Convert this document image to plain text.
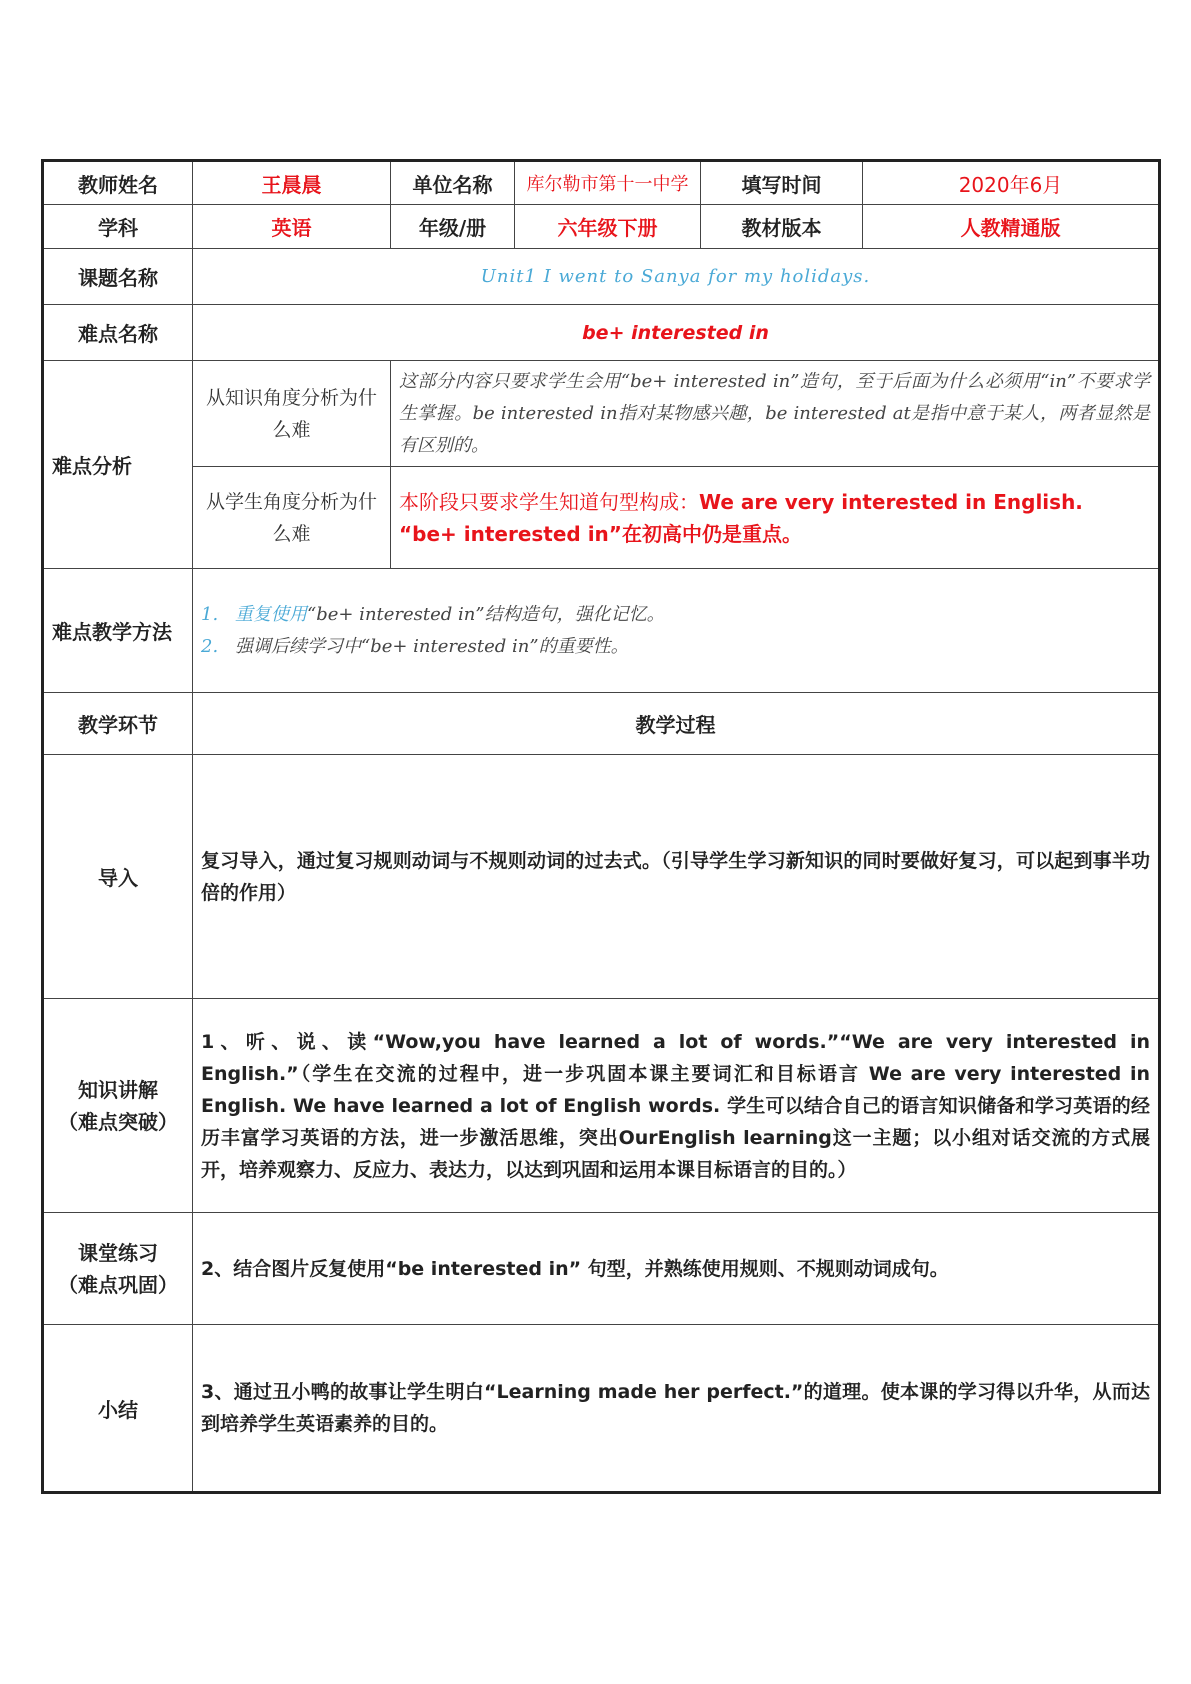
教师姓名	王晨晨	单位名称	库尔勒市第十一中学	填写时间	2020年6月
学科	英语	年级/册	六年级下册	教材版本	人教精通版
课题名称	Unit1 I went to Sanya for my holidays.				
难点名称	be+ interested in				
难点分析	从知识角度分析为什么难	这部分内容只要求学生会用“be+ interested in”造句，至于后面为什么必须用“in”不要求学生掌握。be interested in指对某物感兴趣，be interested at是指中意于某人，两者显然是有区别的。			
	从学生角度分析为什么难	本阶段只要求学生知道句型构成：We are very interested in English.
“be+ interested in”在初高中仍是重点。			
难点教学方法	1. 重复使用“be+ interested in”结构造句，强化记忆。
2. 强调后续学习中“be+ interested in”的重要性。				

教学环节	教学过程				
导入	复习导入，通过复习规则动词与不规则动词的过去式。（引导学生学习新知识的同时要做好复习，可以起到事半功倍的作用）				
知识讲解
（难点突破）	1、听、说、读“Wow,you have learned a lot of words.”“We are very interested in English.”（学生在交流的过程中，进一步巩固本课主要词汇和目标语言 We are very interested in English. We have learned a lot of English words. 学生可以结合自己的语言知识储备和学习英语的经历丰富学习英语的方法，进一步激活思维，突出OurEnglish learning这一主题；以小组对话交流的方式展开，培养观察力、反应力、表达力，以达到巩固和运用本课目标语言的目的。）				
课堂练习
（难点巩固）	2、结合图片反复使用“be interested in” 句型，并熟练使用规则、不规则动词成句。				
小结	3、通过丑小鸭的故事让学生明白“Learning made her perfect.”的道理。使本课的学习得以升华，从而达到培养学生英语素养的目的。				
